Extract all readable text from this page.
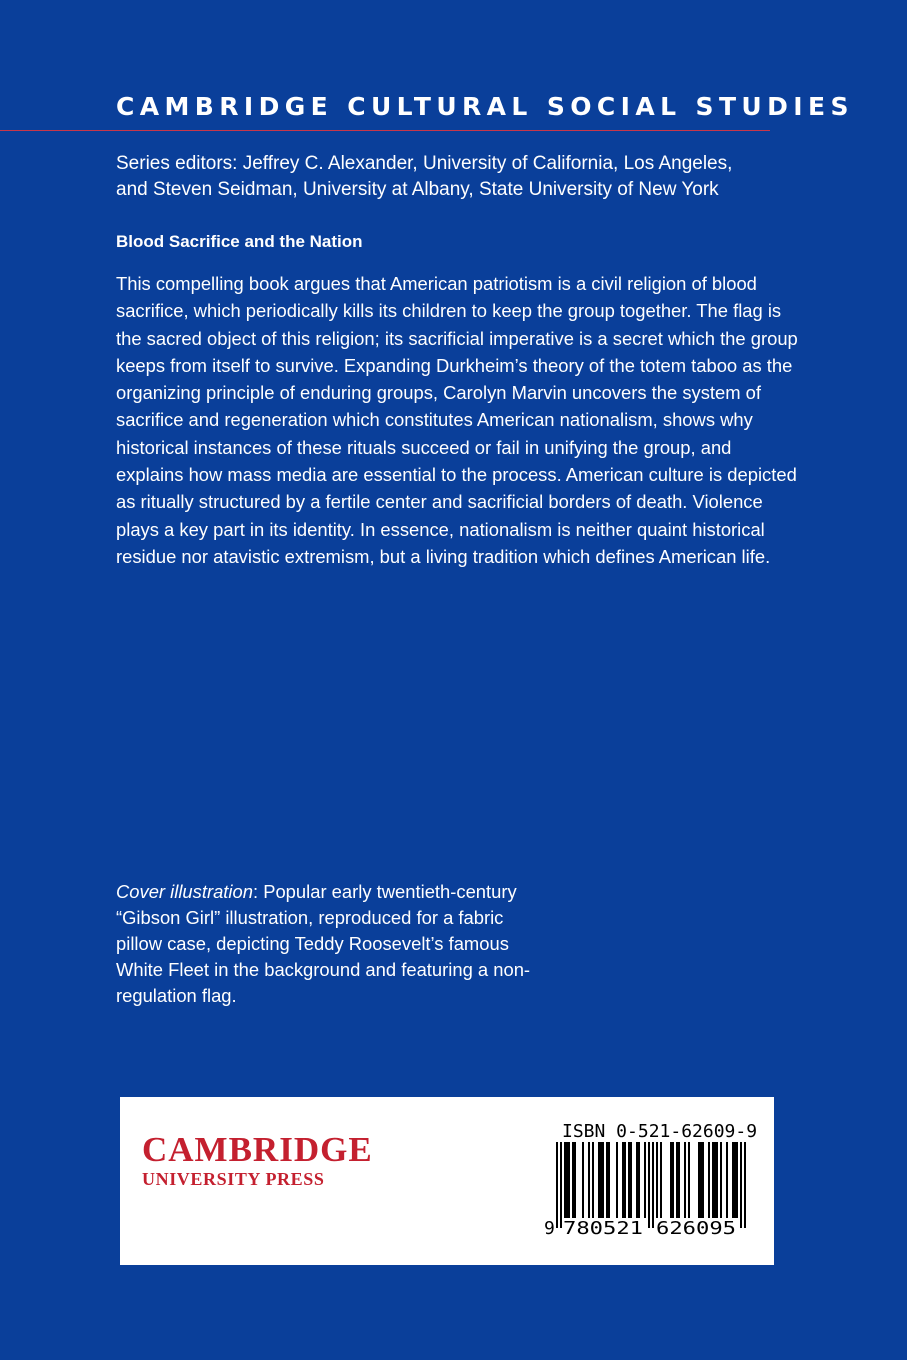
CAMBRIDGE CULTURAL SOCIAL STUDIES
Series editors: Jeffrey C. Alexander, University of California, Los Angeles,
and Steven Seidman, University at Albany, State University of New York
Blood Sacrifice and the Nation
This compelling book argues that American patriotism is a civil religion of blood sacrifice, which periodically kills its children to keep the group together. The flag is the sacred object of this religion; its sacrificial imperative is a secret which the group keeps from itself to survive. Expanding Durkheim’s theory of the totem taboo as the organizing principle of enduring groups, Carolyn Marvin uncovers the system of sacrifice and regeneration which constitutes American nationalism, shows why historical instances of these rituals succeed or fail in unifying the group, and explains how mass media are essential to the process. American culture is depicted as ritually structured by a fertile center and sacrificial borders of death. Violence plays a key part in its identity. In essence, nationalism is neither quaint historical residue nor atavistic extremism, but a living tradition which defines American life.
Cover illustration: Popular early twentieth-century “Gibson Girl” illustration, reproduced for a fabric pillow case, depicting Teddy Roosevelt’s famous White Fleet in the background and featuring a non-regulation flag.
CAMBRIDGE
UNIVERSITY PRESS
ISBN 0-521-62609-9
9 780521 626095
